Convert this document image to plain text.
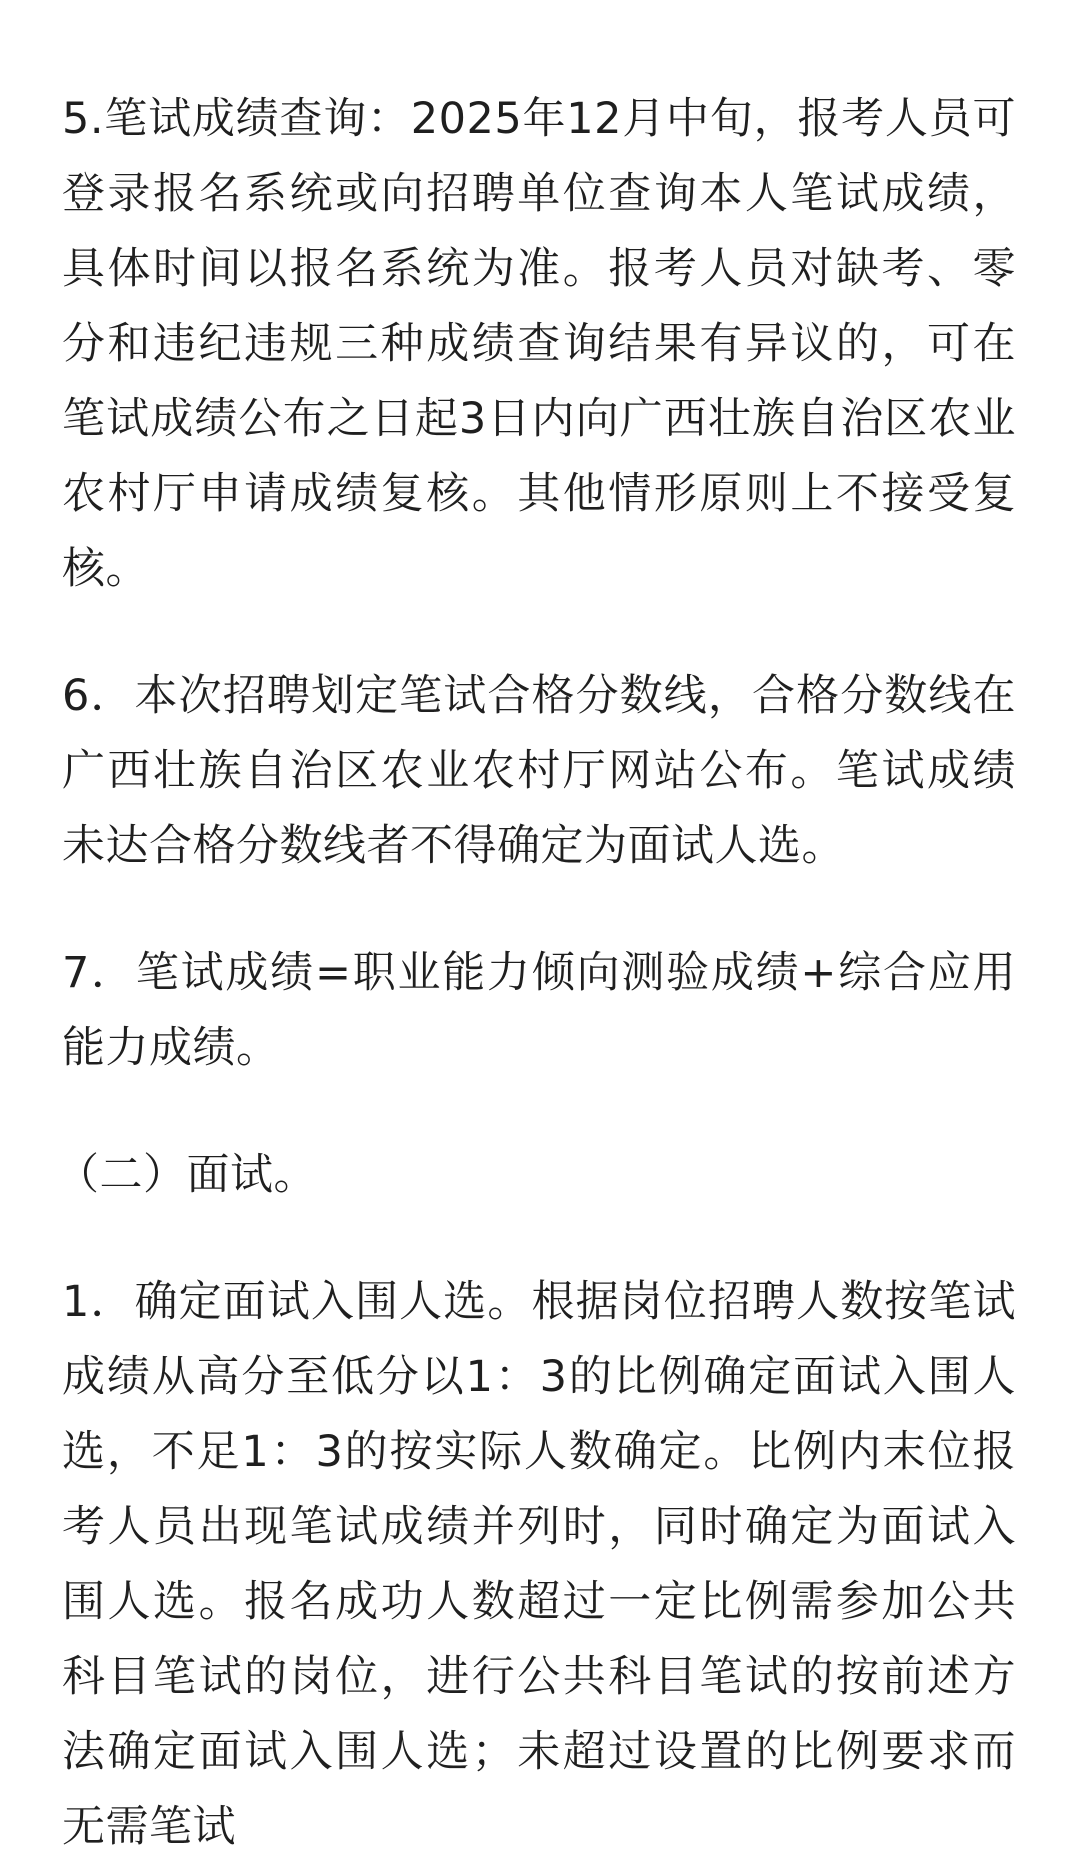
5.笔试成绩查询：2025年12月中旬，报考人员可登录报名系统或向招聘单位查询本人笔试成绩，具体时间以报名系统为准。报考人员对缺考、零分和违纪违规三种成绩查询结果有异议的，可在笔试成绩公布之日起3日内向广西壮族自治区农业农村厅申请成绩复核。其他情形原则上不接受复核。

6．本次招聘划定笔试合格分数线，合格分数线在广西壮族自治区农业农村厅网站公布。笔试成绩未达合格分数线者不得确定为面试人选。

7．笔试成绩=职业能力倾向测验成绩+综合应用能力成绩。

（二）面试。

1．确定面试入围人选。根据岗位招聘人数按笔试成绩从高分至低分以1：3的比例确定面试入围人选，不足1：3的按实际人数确定。比例内末位报考人员出现笔试成绩并列时，同时确定为面试入围人选。报名成功人数超过一定比例需参加公共科目笔试的岗位，进行公共科目笔试的按前述方法确定面试入围人选；未超过设置的比例要求而无需笔试
